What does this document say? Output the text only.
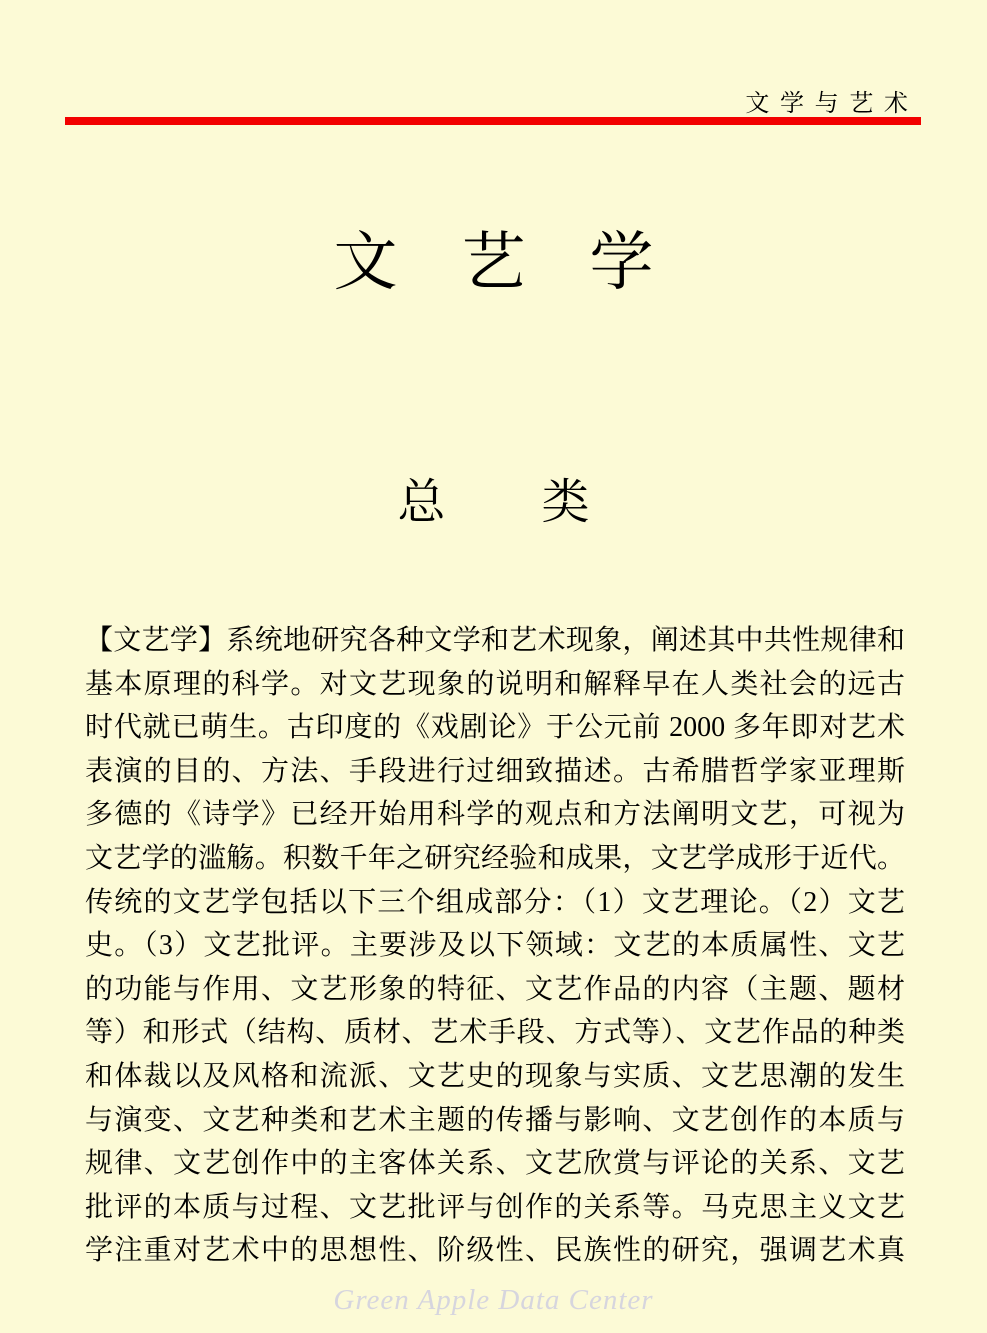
文 学 与 艺 术
文　艺　学
总　　类
【文艺学】系统地研究各种文学和艺术现象，阐述其中共性规律和
基本原理的科学。对文艺现象的说明和解释早在人类社会的远古
时代就已萌生。古印度的《戏剧论》于公元前 2000 多年即对艺术
表演的目的、方法、手段进行过细致描述。古希腊哲学家亚理斯
多德的《诗学》已经开始用科学的观点和方法阐明文艺，可视为
文艺学的滥觞。积数千年之研究经验和成果，文艺学成形于近代。
传统的文艺学包括以下三个组成部分：（1）文艺理论。（2）文艺
史。（3）文艺批评。主要涉及以下领域：文艺的本质属性、文艺
的功能与作用、文艺形象的特征、文艺作品的内容（主题、题材
等）和形式（结构、质材、艺术手段、方式等）、文艺作品的种类
和体裁以及风格和流派、文艺史的现象与实质、文艺思潮的发生
与演变、文艺种类和艺术主题的传播与影响、文艺创作的本质与
规律、文艺创作中的主客体关系、文艺欣赏与评论的关系、文艺
批评的本质与过程、文艺批评与创作的关系等。马克思主义文艺
学注重对艺术中的思想性、阶级性、民族性的研究，强调艺术真
Green Apple Data Center
